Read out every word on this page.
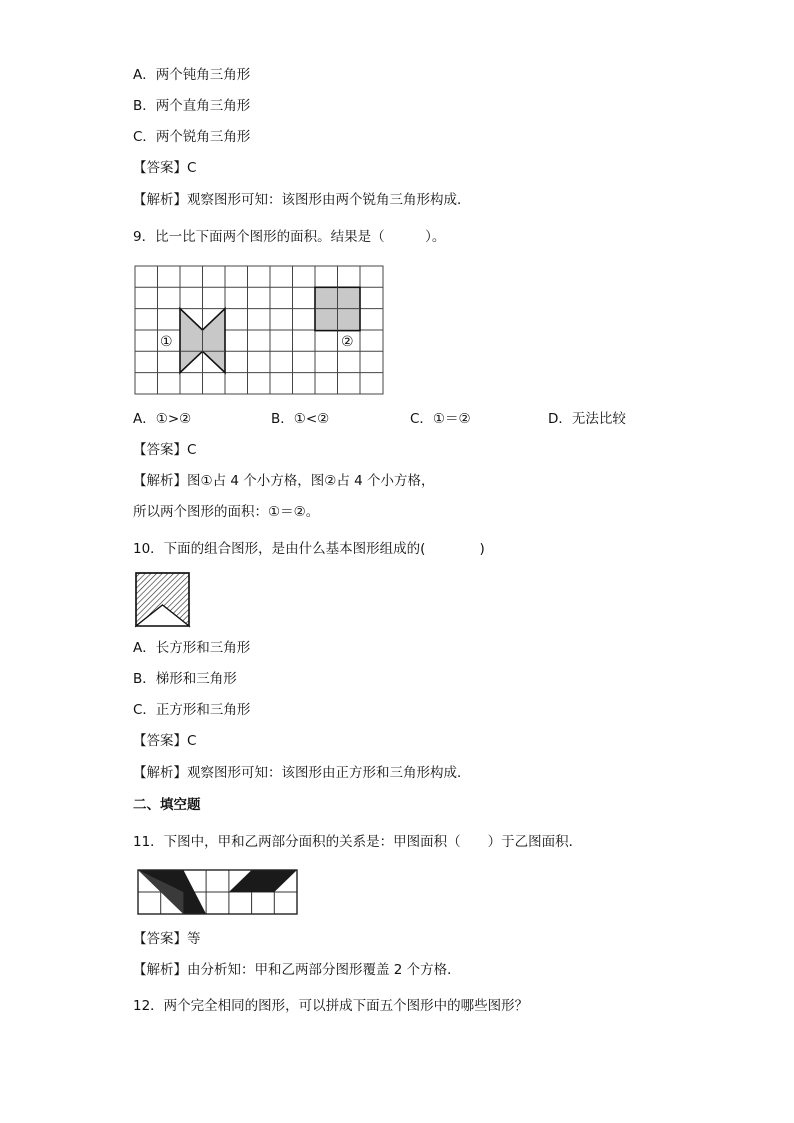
A．两个钝角三角形
B．两个直角三角形
C．两个锐角三角形
【答案】C
【解析】观察图形可知：该图形由两个锐角三角形构成．
9．比一比下面两个图形的面积。结果是（　　　）。
①	②
A．①>②	B．①<②	C．①＝②	D．无法比较
【答案】C
【解析】图①占 4 个小方格，图②占 4 个小方格，
所以两个图形的面积：①＝②。
10．下面的组合图形，是由什么基本图形组成的(　　　　)
A．长方形和三角形
B．梯形和三角形
C．正方形和三角形
【答案】C
【解析】观察图形可知：该图形由正方形和三角形构成．
二、填空题
11．下图中，甲和乙两部分面积的关系是：甲图面积（　　）于乙图面积．
【答案】等
【解析】由分析知：甲和乙两部分图形覆盖 2 个方格．
12．两个完全相同的图形，可以拼成下面五个图形中的哪些图形？
